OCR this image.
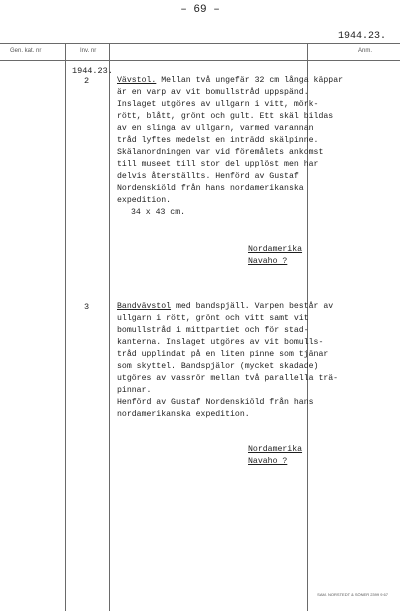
– 69 –
1944.23.
Gen. kat. nr	Inv. nr	Anm.
1944.23.
2	Vävstol. Mellan två ungefär 32 cm långa käppar
är en varp av vit bomullstråd uppspänd.
Inslaget utgöres av ullgarn i vitt, mörk-
rött, blått, grönt och gult. Ett skäl bildas
av en slinga av ullgarn, varmed varannan
tråd lyftes medelst en inträdd skälpinne.
Skälanordningen var vid föremålets ankomst
till museet till stor del upplöst men har
delvis återställts. Henförd av Gustaf
Nordenskiöld från hans nordamerikanska
expedition.
34 x 43 cm.
Nordamerika
Navaho ?
3	Bandvävstol med bandspjäll. Varpen består av
ullgarn i rött, grönt och vitt samt vit
bomullstråd i mittpartiet och för stad-
kanterna. Inslaget utgöres av vit bomulls-
tråd upplindat på en liten pinne som tjänar
som skyttel. Bandspjälor (mycket skadade)
utgöres av vassrör mellan två parallella trä-
pinnar.
Henförd av Gustaf Nordenskiöld från hans
nordamerikanska expedition.
Nordamerika
Navaho ?
SAM. NORSTEDT & SÖNER 2399 9 67
